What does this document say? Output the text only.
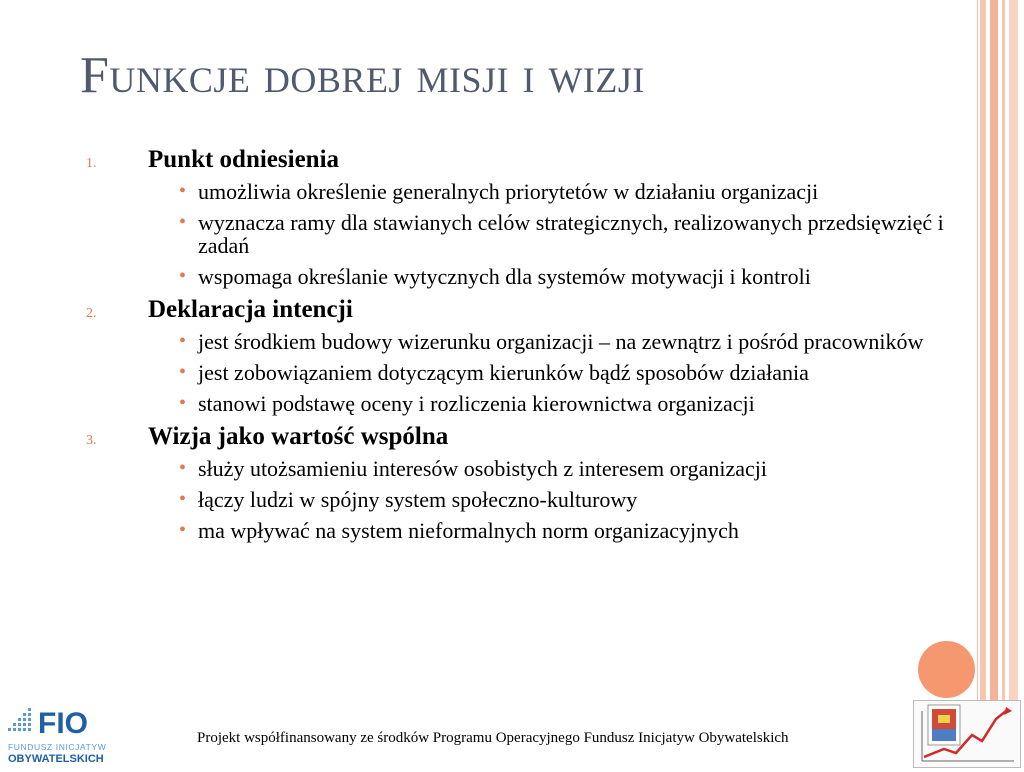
Funkcje dobrej misji i wizji
1.	Punkt odniesienia
• umożliwia określenie generalnych priorytetów w działaniu organizacji
• wyznacza ramy dla stawianych celów strategicznych, realizowanych przedsięwzięć i zadań
• wspomaga określanie wytycznych dla systemów motywacji i kontroli
2.	Deklaracja intencji
• jest środkiem budowy wizerunku organizacji – na zewnątrz i pośród pracowników
• jest zobowiązaniem dotyczącym kierunków bądź sposobów działania
• stanowi podstawę oceny i rozliczenia kierownictwa organizacji
3.	Wizja jako wartość wspólna
• służy utożsamieniu interesów osobistych z interesem organizacji
• łączy ludzi w spójny system społeczno-kulturowy
• ma wpływać na system nieformalnych norm organizacyjnych
FIO
FUNDUSZ INICJATYW
OBYWATELSKICH
Projekt współfinansowany ze środków Programu Operacyjnego Fundusz Inicjatyw Obywatelskich
